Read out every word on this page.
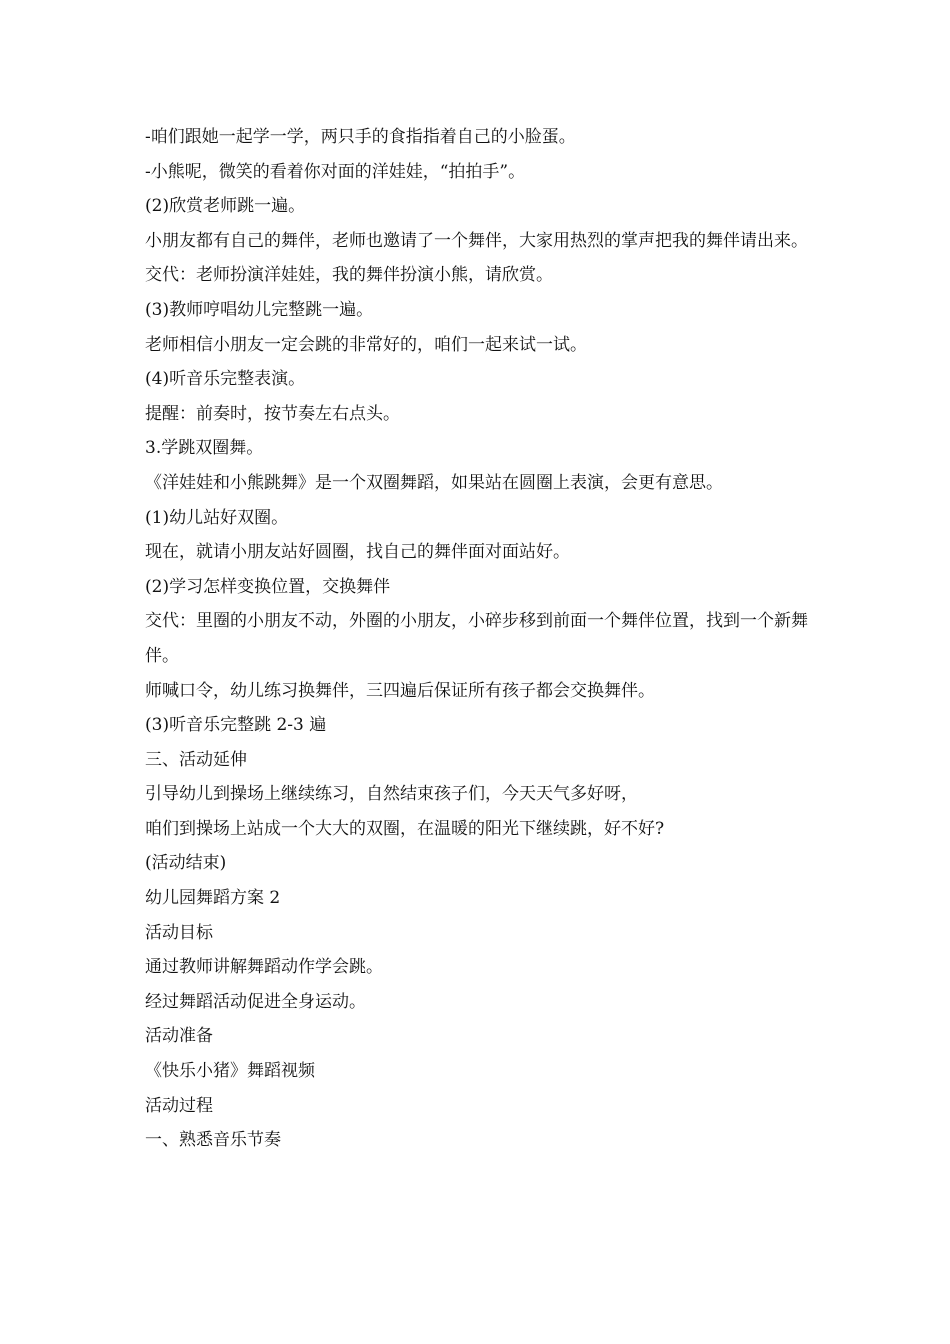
-咱们跟她一起学一学，两只手的食指指着自己的小脸蛋。

-小熊呢，微笑的看着你对面的洋娃娃，“拍拍手”。

(2)欣赏老师跳一遍。

小朋友都有自己的舞伴，老师也邀请了一个舞伴，大家用热烈的掌声把我的舞伴请出来。

交代：老师扮演洋娃娃，我的舞伴扮演小熊，请欣赏。

(3)教师哼唱幼儿完整跳一遍。

老师相信小朋友一定会跳的非常好的，咱们一起来试一试。

(4)听音乐完整表演。

提醒：前奏时，按节奏左右点头。

3.学跳双圈舞。

《洋娃娃和小熊跳舞》是一个双圈舞蹈，如果站在圆圈上表演，会更有意思。

(1)幼儿站好双圈。

现在，就请小朋友站好圆圈，找自己的舞伴面对面站好。

(2)学习怎样变换位置，交换舞伴

交代：里圈的小朋友不动，外圈的小朋友，小碎步移到前面一个舞伴位置，找到一个新舞伴。

师喊口令，幼儿练习换舞伴，三四遍后保证所有孩子都会交换舞伴。

(3)听音乐完整跳 2-3 遍

三、活动延伸

引导幼儿到操场上继续练习，自然结束孩子们，今天天气多好呀，

咱们到操场上站成一个大大的双圈，在温暖的阳光下继续跳，好不好?

(活动结束)

幼儿园舞蹈方案 2

活动目标

通过教师讲解舞蹈动作学会跳。

经过舞蹈活动促进全身运动。

活动准备

《快乐小猪》舞蹈视频

活动过程

一、熟悉音乐节奏
